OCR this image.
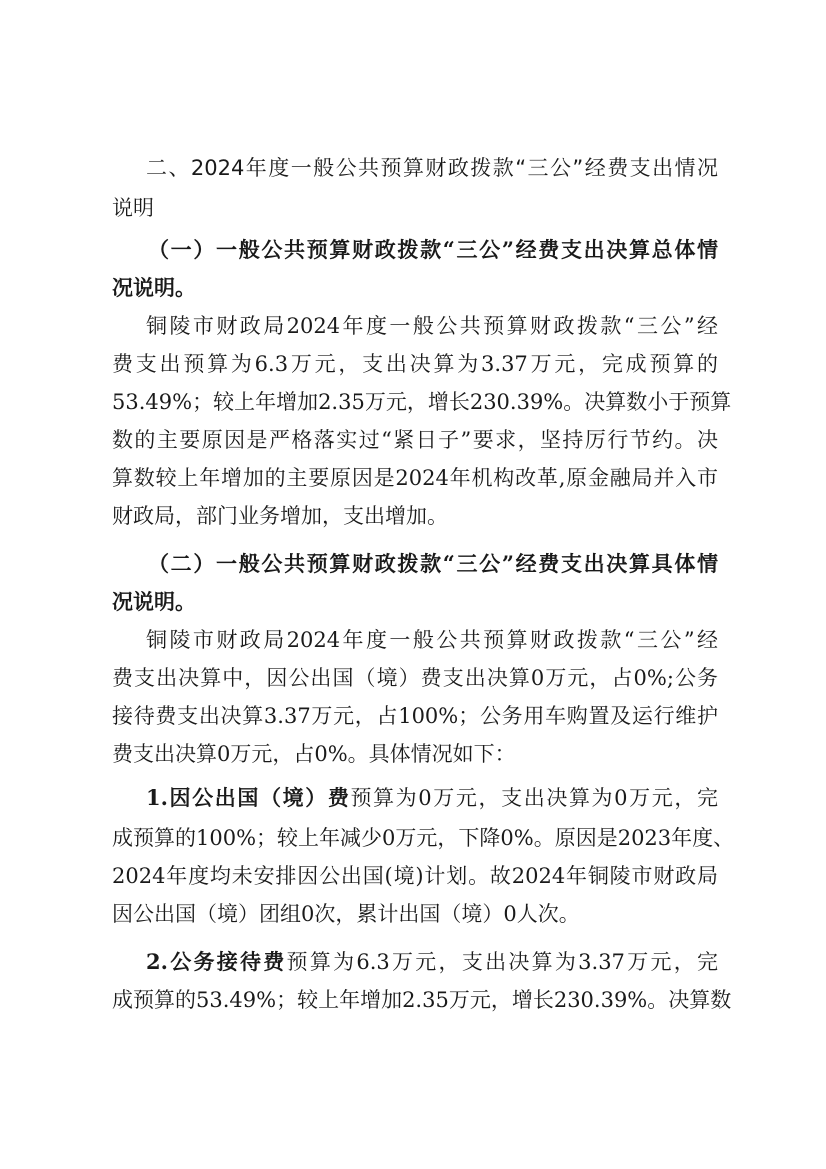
二、2024年度一般公共预算财政拨款“三公”经费支出情况
说明
（一）一般公共预算财政拨款“三公”经费支出决算总体情
况说明。
铜陵市财政局2024年度一般公共预算财政拨款“三公”经
费支出预算为6.3万元，支出决算为3.37万元，完成预算的
53.49%；较上年增加2.35万元，增长230.39%。决算数小于预算
数的主要原因是严格落实过“紧日子”要求，坚持厉行节约。决
算数较上年增加的主要原因是2024年机构改革,原金融局并入市
财政局，部门业务增加，支出增加。
（二）一般公共预算财政拨款“三公”经费支出决算具体情
况说明。
铜陵市财政局2024年度一般公共预算财政拨款“三公”经
费支出决算中，因公出国（境）费支出决算0万元，占0%;公务
接待费支出决算3.37万元，占100%；公务用车购置及运行维护
费支出决算0万元，占0%。具体情况如下：
1.因公出国（境）费预算为0万元，支出决算为0万元，完
成预算的100%；较上年减少0万元，下降0%。原因是2023年度、
2024年度均未安排因公出国(境)计划。故2024年铜陵市财政局
因公出国（境）团组0次，累计出国（境）0人次。
2.公务接待费预算为6.3万元，支出决算为3.37万元，完
成预算的53.49%；较上年增加2.35万元，增长230.39%。决算数
